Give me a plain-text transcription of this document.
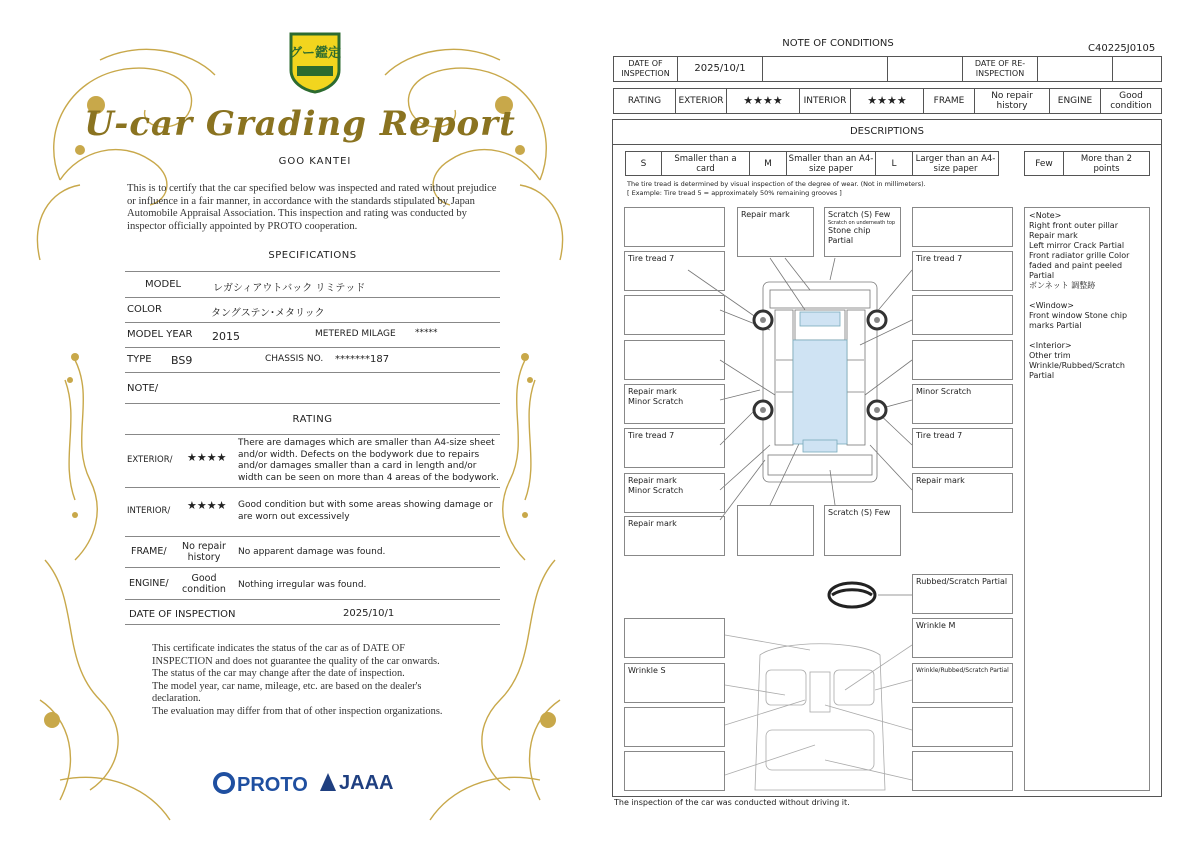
グー鑑定
U-car Grading Report
GOO KANTEI
This is to certify that the car specified below was inspected and rated without prejudice or influence in a fair manner, in accordance with the standards stipulated by Japan Automobile Appraisal Association. This inspection and rating was conducted by inspector officially appointed by PROTO cooperation.
SPECIFICATIONS
MODEL	レガシィアウトバック リミテッド
COLOR	タングステン･メタリック
MODEL YEAR 2015	METERED MILAGE *****
TYPE BS9	CHASSIS NO. *******187
NOTE/
RATING
EXTERIOR/ ★★★★
There are damages which are smaller than A4-size sheet and/or width. Defects on the bodywork due to repairs and/or damages smaller than a card in length and/or width can be seen on more than 4 areas of the bodywork.
INTERIOR/ ★★★★ Good condition but with some areas showing damage or are worn out excessively
FRAME/	No repair history	No apparent damage was found.
ENGINE/	Good condition	Nothing irregular was found.
DATE OF INSPECTION	2025/10/1
This certificate indicates the status of the car as of DATE OF
INSPECTION and does not guarantee the quality of the car onwards.
The status of the car may change after the date of inspection.
The model year, car name, mileage, etc. are based on the dealer's
declaration.
The evaluation may differ from that of other inspection organizations.
PROTO	JAAA
NOTE OF CONDITIONS	C40225J0105
DATE OF INSPECTION	2025/10/1	DATE OF RE-INSPECTION
RATING	EXTERIOR	★★★★	INTERIOR	★★★★	FRAME	No repair history	ENGINE	Good condition
DESCRIPTIONS
S	Smaller than a card	M	Smaller than an A4-size paper	L	Larger than an A4-size paper	Few	More than 2 points
The tire tread is determined by visual inspection of the degree of wear. (Not in millimeters).
[ Example: Tire tread 5 = approximately 50% remaining grooves ]
Tire tread 7
Repair mark
Minor Scratch
Tire tread 7
Repair mark
Minor Scratch
Repair mark
Repair mark	Scratch (S) Few
Scratch on underneath top
Stone chip Partial
Scratch (S) Few
Tire tread 7
Minor Scratch
Tire tread 7
Repair mark
Rubbed/Scratch Partial
Wrinkle M
Wrinkle S	Wrinkle/Rubbed/Scratch Partial
<Note>
Right front outer pillar Repair mark
Left mirror Crack Partial
Front radiator grille Color faded and paint peeled Partial
ボンネット 調整跡
<Window>
Front window Stone chip marks Partial
<Interior>
Other trim
Wrinkle/Rubbed/Scratch
Partial
The inspection of the car was conducted without driving it.
